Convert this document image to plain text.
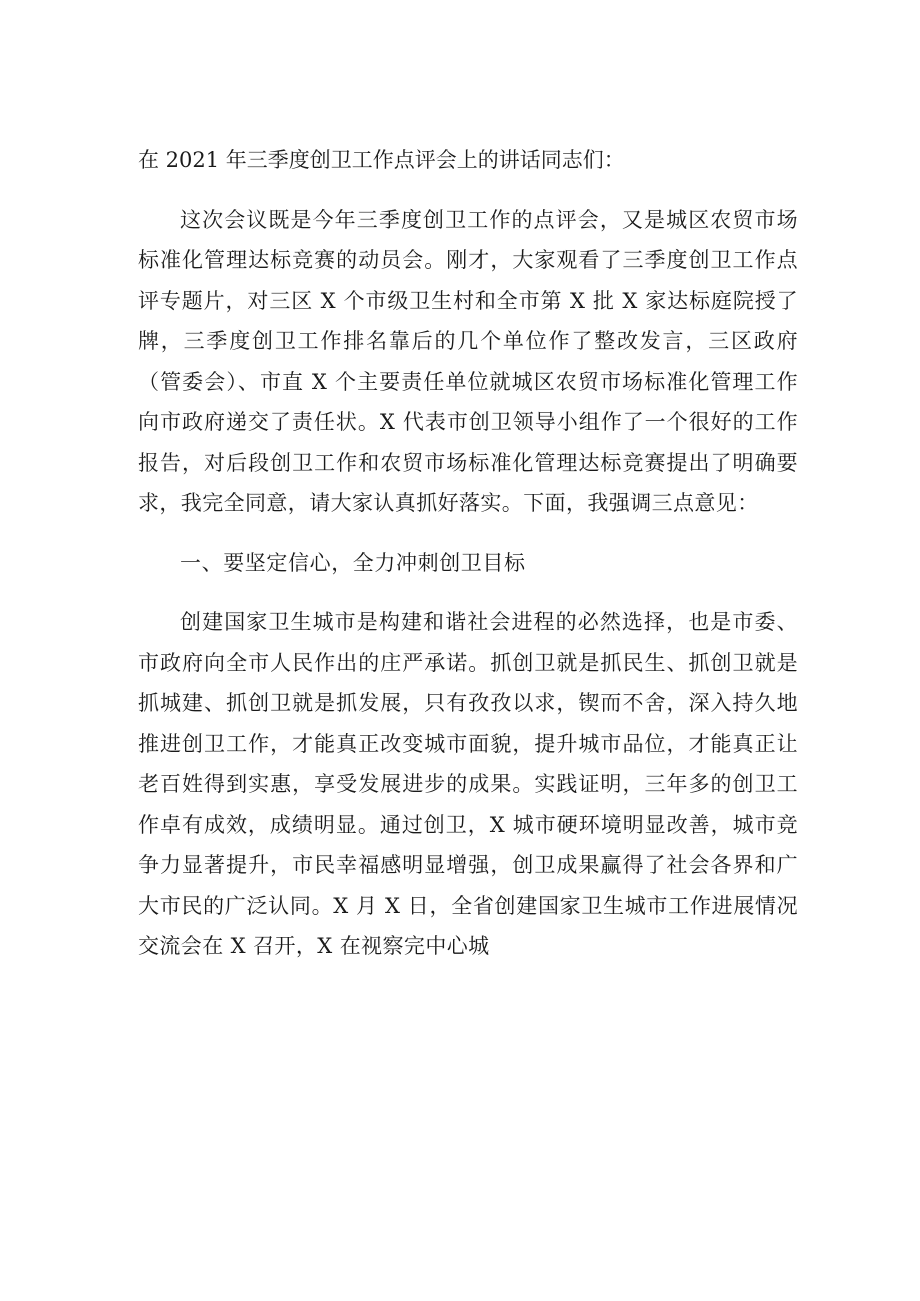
在 2021 年三季度创卫工作点评会上的讲话同志们：

这次会议既是今年三季度创卫工作的点评会，又是城区农贸市场标准化管理达标竞赛的动员会。刚才，大家观看了三季度创卫工作点评专题片，对三区 X 个市级卫生村和全市第 X 批 X 家达标庭院授了牌，三季度创卫工作排名靠后的几个单位作了整改发言，三区政府（管委会）、市直 X 个主要责任单位就城区农贸市场标准化管理工作向市政府递交了责任状。X 代表市创卫领导小组作了一个很好的工作报告，对后段创卫工作和农贸市场标准化管理达标竞赛提出了明确要求，我完全同意，请大家认真抓好落实。下面，我强调三点意见：

一、要坚定信心，全力冲刺创卫目标

创建国家卫生城市是构建和谐社会进程的必然选择，也是市委、市政府向全市人民作出的庄严承诺。抓创卫就是抓民生、抓创卫就是抓城建、抓创卫就是抓发展，只有孜孜以求，锲而不舍，深入持久地推进创卫工作，才能真正改变城市面貌，提升城市品位，才能真正让老百姓得到实惠，享受发展进步的成果。实践证明，三年多的创卫工作卓有成效，成绩明显。通过创卫，X 城市硬环境明显改善，城市竞争力显著提升，市民幸福感明显增强，创卫成果赢得了社会各界和广大市民的广泛认同。X 月 X 日，全省创建国家卫生城市工作进展情况交流会在 X 召开，X 在视察完中心城
